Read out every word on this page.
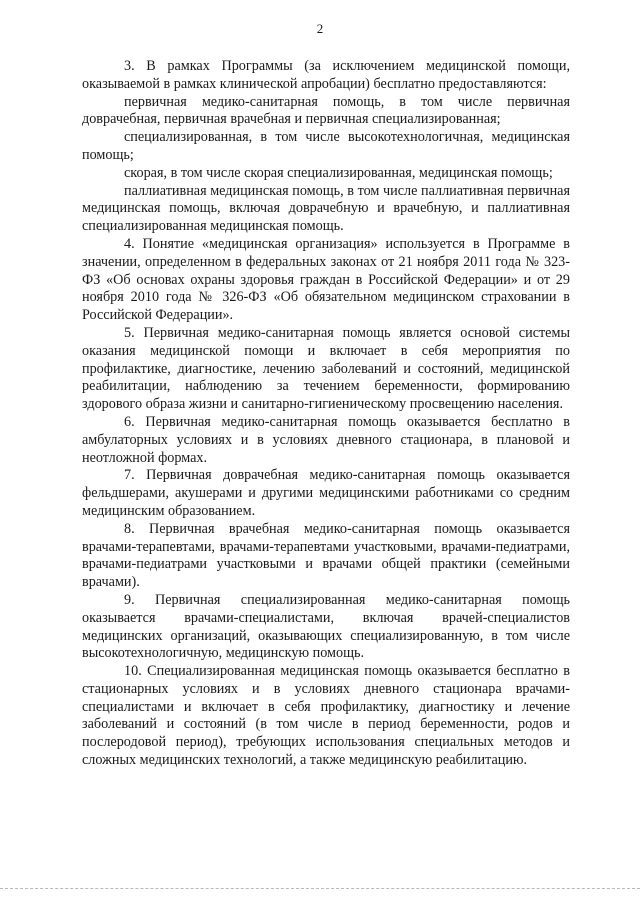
2

3. В рамках Программы (за исключением медицинской помощи, оказываемой в рамках клинической апробации) бесплатно предоставляются:

первичная медико-санитарная помощь, в том числе первичная доврачебная, первичная врачебная и первичная специализированная;

специализированная, в том числе высокотехнологичная, медицинская помощь;

скорая, в том числе скорая специализированная, медицинская помощь;

паллиативная медицинская помощь, в том числе паллиативная первичная медицинская помощь, включая доврачебную и врачебную, и паллиативная специализированная медицинская помощь.

4. Понятие «медицинская организация» используется в Программе в значении, определенном в федеральных законах от 21 ноября 2011 года № 323-ФЗ «Об основах охраны здоровья граждан в Российской Федерации» и от 29 ноября 2010 года № 326-ФЗ «Об обязательном медицинском страховании в Российской Федерации».

5. Первичная медико-санитарная помощь является основой системы оказания медицинской помощи и включает в себя мероприятия по профилактике, диагностике, лечению заболеваний и состояний, медицинской реабилитации, наблюдению за течением беременности, формированию здорового образа жизни и санитарно-гигиеническому просвещению населения.

6. Первичная медико-санитарная помощь оказывается бесплатно в амбулаторных условиях и в условиях дневного стационара, в плановой и неотложной формах.

7. Первичная доврачебная медико-санитарная помощь оказывается фельдшерами, акушерами и другими медицинскими работниками со средним медицинским образованием.

8. Первичная врачебная медико-санитарная помощь оказывается врачами-терапевтами, врачами-терапевтами участковыми, врачами-педиатрами, врачами-педиатрами участковыми и врачами общей практики (семейными врачами).

9. Первичная специализированная медико-санитарная помощь оказывается врачами-специалистами, включая врачей-специалистов медицинских организаций, оказывающих специализированную, в том числе высокотехнологичную, медицинскую помощь.

10. Специализированная медицинская помощь оказывается бесплатно в стационарных условиях и в условиях дневного стационара врачами-специалистами и включает в себя профилактику, диагностику и лечение заболеваний и состояний (в том числе в период беременности, родов и послеродовой период), требующих использования специальных методов и сложных медицинских технологий, а также медицинскую реабилитацию.
